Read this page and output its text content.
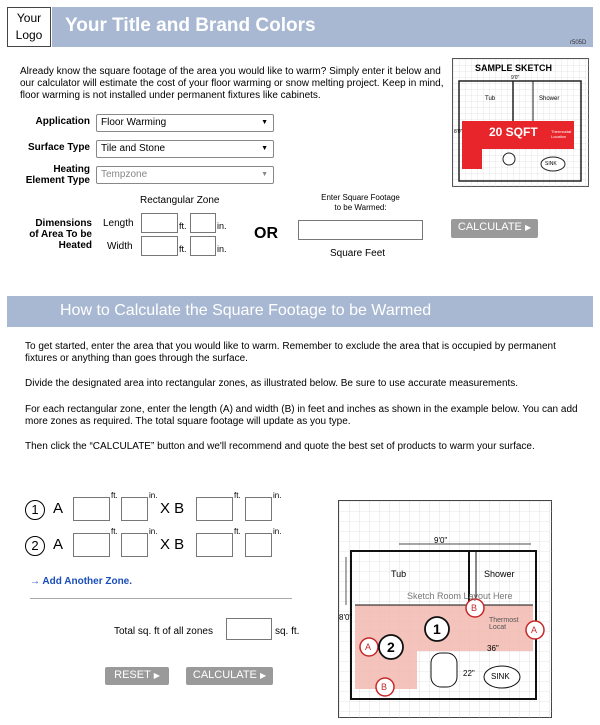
Your
Logo	Your Title and Brand Colors
r505D
Already know the square footage of the area you would like to warm? Simply enter it below and our calculator will estimate the cost of your floor warming or snow melting project. Keep in mind, floor warming is not installed under permanent fixtures like cabinets.
Application	Floor Warming	▼
Surface Type	Tile and Stone	▼
Heating
Element Type
Tempzone	▼
Rectangular Zone
Dimensions
of Area To be
Heated
Length	ft.	in.
Width	ft.	in.
OR
Enter Square Footage
to be Warmed:
Square Feet
CALCULATE ▶
SAMPLE SKETCH
Tub	Shower
20 SQFT	Thermostat
Location
SINK
9'0"
8'0"
How to Calculate the Square Footage to be Warmed
To get started, enter the area that you would like to warm. Remember to exclude the area that is occupied by permanent fixtures or anything than goes through the surface.
Divide the designated area into rectangular zones, as illustrated below. Be sure to use accurate measurements.
For each rectangular zone, enter the length (A) and width (B) in feet and inches as shown in the example below. You can add more zones as required. The total square footage will update as you type.
Then click the “CALCULATE” button and we'll recommend and quote the best set of products to warm your surface.
1 A
ft.	in.
X B
ft.	in.
2 A
ft.	in.
X B
ft.	in.
→ Add Another Zone.
Total sq. ft of all zones	sq. ft.
RESET ▶	CALCULATE ▶
Tub	Shower
Sketch Room Layout Here
9'0"
8'0"
36"
22"
Thermost
Locat
SINK
2
1
A
B
A
B
